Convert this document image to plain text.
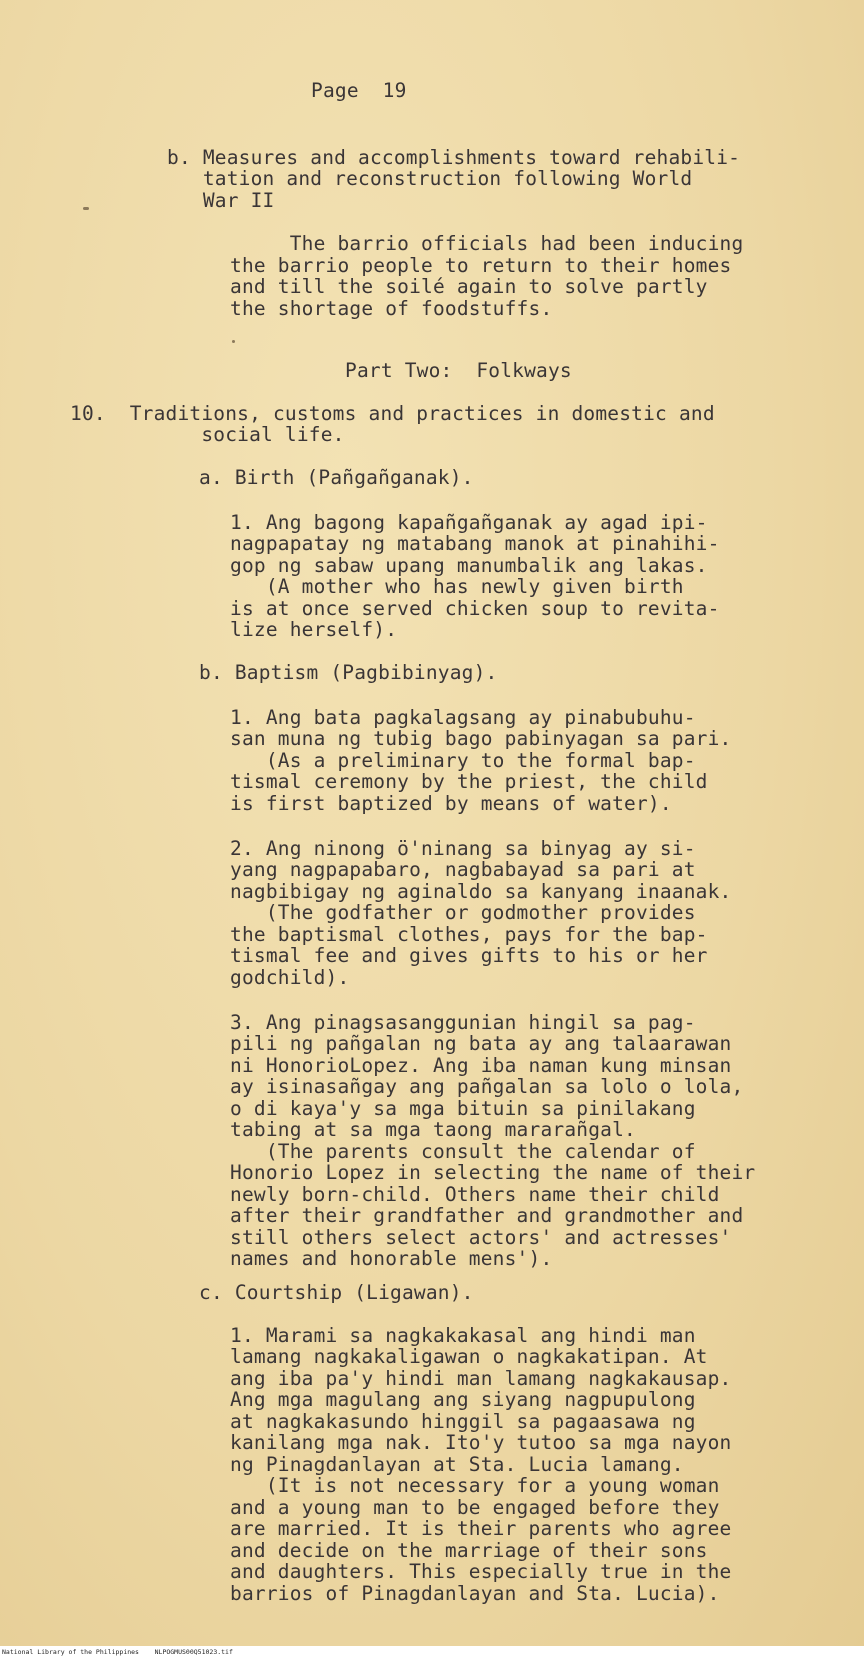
Page  19
b. Measures and accomplishments toward rehabili-
tation and reconstruction following World
War II
The barrio officials had been inducing
the barrio people to return to their homes
and till the soilé again to solve partly
the shortage of foodstuffs.
Part Two:  Folkways
10.  Traditions, customs and practices in domestic and
social life.
a. Birth (Pañgañganak).
1. Ang bagong kapañgañganak ay agad ipi-
nagpapatay ng matabang manok at pinahihi-
gop ng sabaw upang manumbalik ang lakas.
(A mother who has newly given birth
is at once served chicken soup to revita-
lize herself).
b. Baptism (Pagbibinyag).
1. Ang bata pagkalagsang ay pinabubuhu-
san muna ng tubig bago pabinyagan sa pari.
(As a preliminary to the formal bap-
tismal ceremony by the priest, the child
is first baptized by means of water).
2. Ang ninong ö'ninang sa binyag ay si-
yang nagpapabaro, nagbabayad sa pari at
nagbibigay ng aginaldo sa kanyang inaanak.
(The godfather or godmother provides
the baptismal clothes, pays for the bap-
tismal fee and gives gifts to his or her
godchild).
3. Ang pinagsasanggunian hingil sa pag-
pili ng pañgalan ng bata ay ang talaarawan
ni HonorioLopez. Ang iba naman kung minsan
ay isinasañgay ang pañgalan sa lolo o lola,
o di kaya'y sa mga bituin sa pinilakang
tabing at sa mga taong mararañgal.
(The parents consult the calendar of
Honorio Lopez in selecting the name of their
newly born-child. Others name their child
after their grandfather and grandmother and
still others select actors' and actresses'
names and honorable mens').
c. Courtship (Ligawan).
1. Marami sa nagkakakasal ang hindi man
lamang nagkakaligawan o nagkakatipan. At
ang iba pa'y hindi man lamang nagkakausap.
Ang mga magulang ang siyang nagpupulong
at nagkakasundo hinggil sa pagaasawa ng
kanilang mga nak. Ito'y tutoo sa mga nayon
ng Pinagdanlayan at Sta. Lucia lamang.
(It is not necessary for a young woman
and a young man to be engaged before they
are married. It is their parents who agree
and decide on the marriage of their sons
and daughters. This especially true in the
barrios of Pinagdanlayan and Sta. Lucia).
National Library of the Philippines    NLPOGMUS00Q51023.tif
